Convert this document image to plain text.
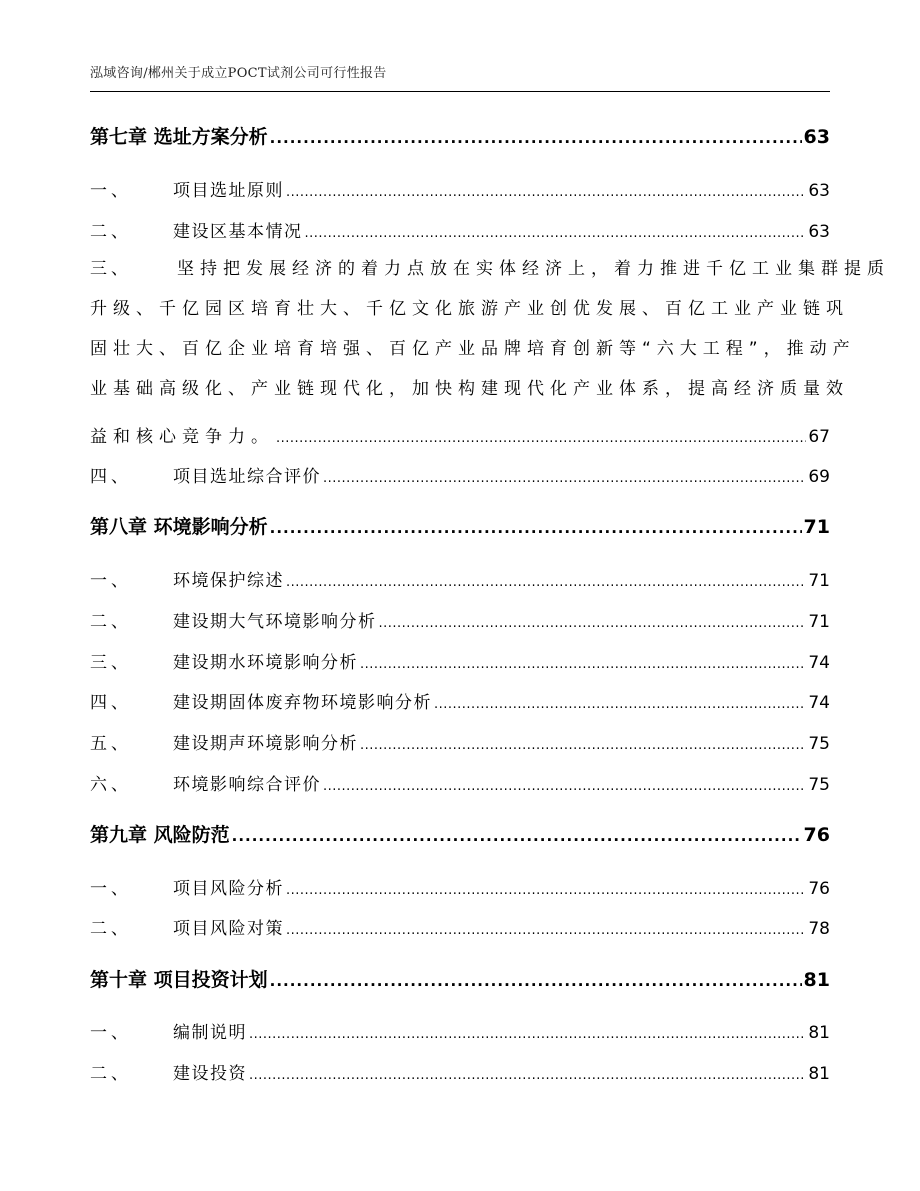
泓域咨询/郴州关于成立POCT试剂公司可行性报告
第七章 选址方案分析 .....	63
一、 项目选址原则 .....	63
二、 建设区基本情况 .....	63
三、	坚持把发展经济的着力点放在实体经济上，着力推进千亿工业集群提质
升级、千亿园区培育壮大、千亿文化旅游产业创优发展、百亿工业产业链巩
固壮大、百亿企业培育培强、百亿产业品牌培育创新等“六大工程”，推动产
业基础高级化、产业链现代化，加快构建现代化产业体系，提高经济质量效
益和核心竞争力。 .....	67
四、 项目选址综合评价 .....	69
第八章 环境影响分析 .....	71
一、 环境保护综述 .....	71
二、 建设期大气环境影响分析 .....	71
三、 建设期水环境影响分析 .....	74
四、 建设期固体废弃物环境影响分析 .....	74
五、 建设期声环境影响分析 .....	75
六、 环境影响综合评价 .....	75
第九章 风险防范 .....	76
一、 项目风险分析 .....	76
二、 项目风险对策 .....	78
第十章 项目投资计划 .....	81
一、 编制说明 .....	81
二、 建设投资 .....	81
